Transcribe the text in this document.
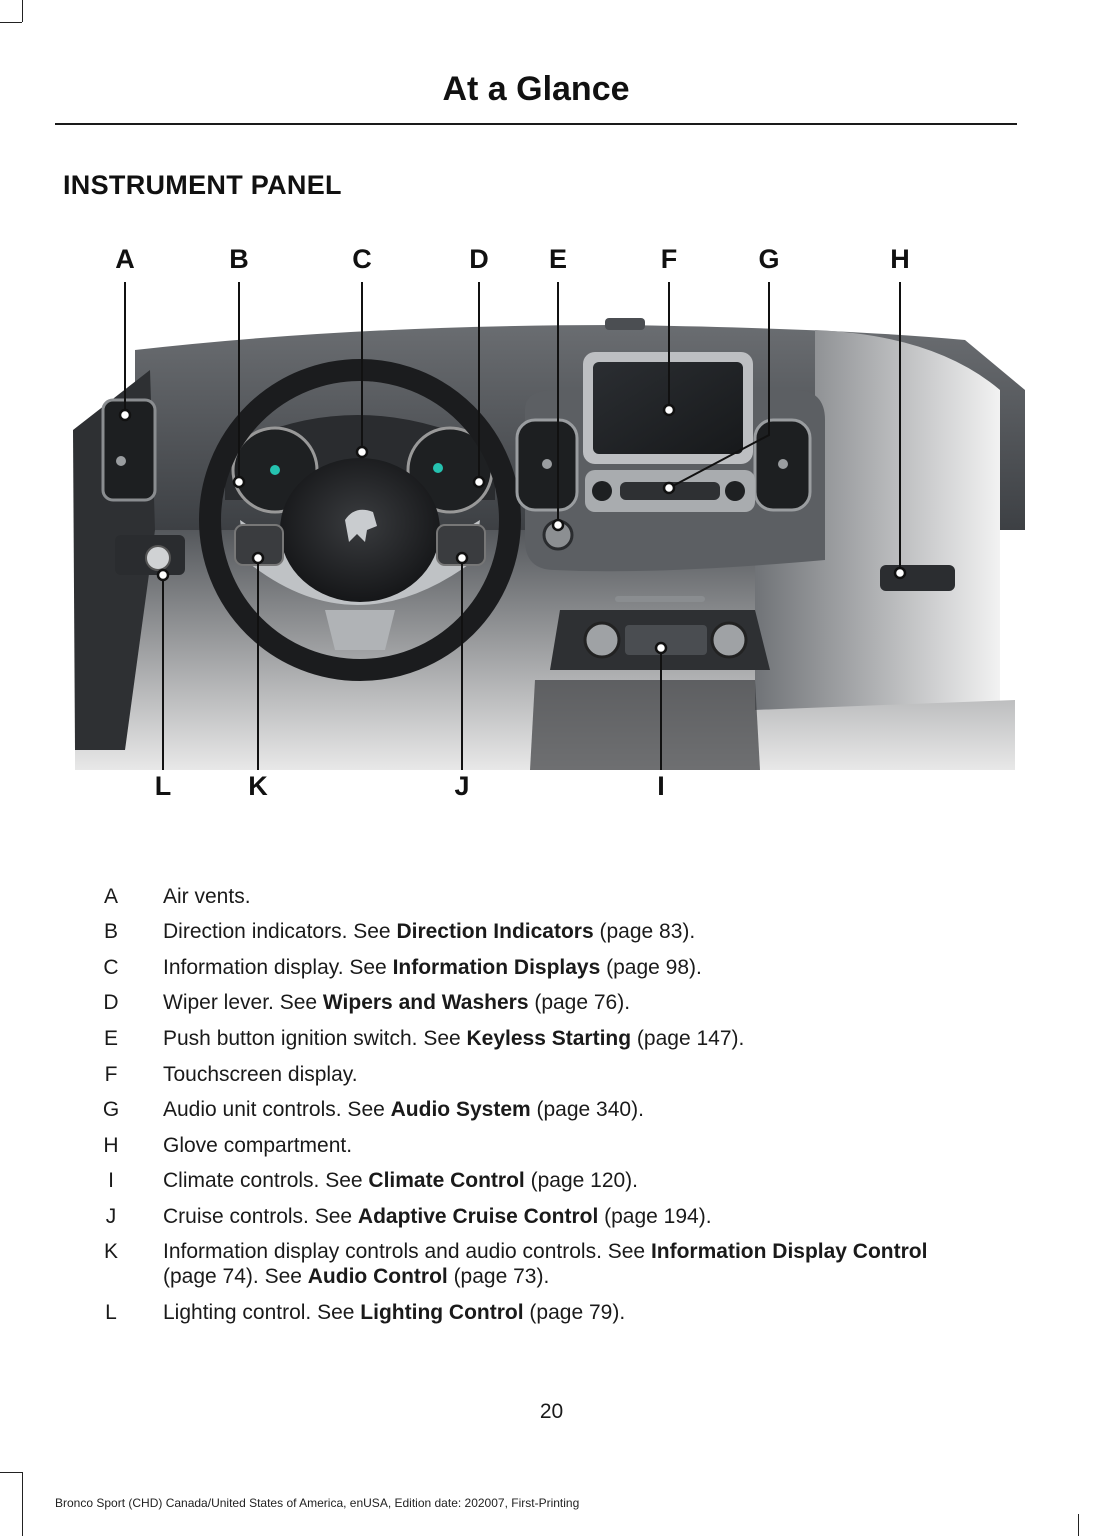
At a Glance
INSTRUMENT PANEL
A	B	C	D E	F	G	H
L	K	J	I
A Air vents.
B Direction indicators. See Direction Indicators (page 83).
C Information display. See Information Displays (page 98).
D Wiper lever. See Wipers and Washers (page 76).
E Push button ignition switch. See Keyless Starting (page 147).
F Touchscreen display.
G Audio unit controls. See Audio System (page 340).
H Glove compartment.
I	Climate controls. See Climate Control (page 120).
J Cruise controls. See Adaptive Cruise Control (page 194).
K Information display controls and audio controls. See Information Display Control (page 74). See Audio Control (page 73).
L Lighting control. See Lighting Control (page 79).
20
Bronco Sport (CHD) Canada/United States of America, enUSA, Edition date: 202007, First-Printing
